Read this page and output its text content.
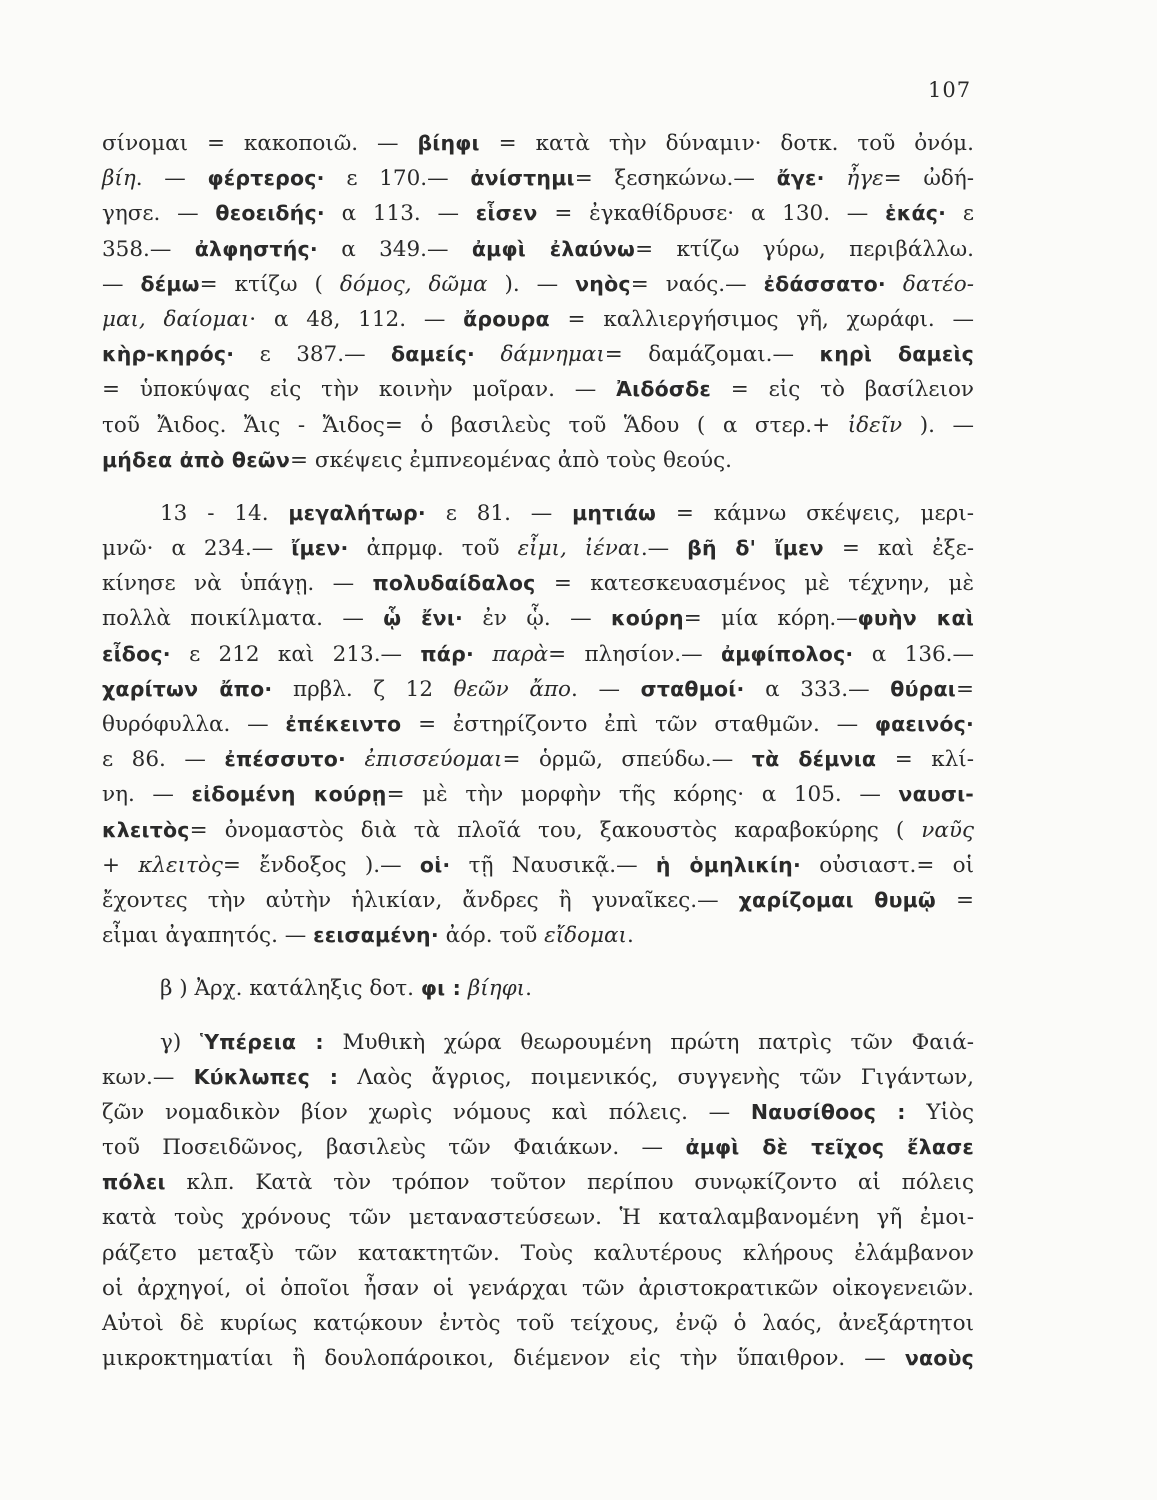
107
σίνομαι = κακοποιῶ. — βίηφι = κατὰ τὴν δύναμιν· δοτκ. τοῦ ὀνόμ.
βίη. — φέρτερος· ε 170.— ἀνίστημι= ξεσηκώνω.— ἄγε· ἦγε= ὠδή-
γησε. — θεοειδής· α 113. — εἷσεν = ἐγκαθίδρυσε· α 130. — ἑκάς· ε
358.— ἀλφηστής· α 349.— ἀμφὶ ἐλαύνω= κτίζω γύρω, περιβάλλω.
— δέμω= κτίζω ( δόμος, δῶμα ). — νηὸς= ναός.— ἐδάσσατο· δατέο-
μαι, δαίομαι· α 48, 112. — ἄρουρα = καλλιεργήσιμος γῆ, χωράφι. —
κὴρ-κηρός· ε 387.— δαμείς· δάμνημαι= δαμάζομαι.— κηρὶ δαμεὶς
= ὑποκύψας εἰς τὴν κοινὴν μοῖραν. — Ἀιδόσδε = εἰς τὸ βασίλειον
τοῦ Ἄιδος. Ἄις - Ἄιδος= ὁ βασιλεὺς τοῦ Ἅδου ( α στερ.+ ἰδεῖν ). —
μήδεα ἀπὸ θεῶν= σκέψεις ἐμπνεομένας ἀπὸ τοὺς θεούς.
13 - 14. μεγαλήτωρ· ε 81. — μητιάω = κάμνω σκέψεις, μερι-
μνῶ· α 234.— ἴμεν· ἀπρμφ. τοῦ εἶμι, ἰέναι.— βῆ δ' ἴμεν = καὶ ἐξε-
κίνησε νὰ ὑπάγῃ. — πολυδαίδαλος = κατεσκευασμένος μὲ τέχνην, μὲ
πολλὰ ποικίλματα. — ᾧ ἔνι· ἐν ᾧ. — κούρη= μία κόρη.—φυὴν καὶ
εἶδος· ε 212 καὶ 213.— πάρ· παρὰ= πλησίον.— ἀμφίπολος· α 136.—
χαρίτων ἄπο· πρβλ. ζ 12 θεῶν ἄπο. — σταθμοί· α 333.— θύραι=
θυρόφυλλα. — ἐπέκειντο = ἐστηρίζοντο ἐπὶ τῶν σταθμῶν. — φαεινός·
ε 86. — ἐπέσσυτο· ἐπισσεύομαι= ὁρμῶ, σπεύδω.— τὰ δέμνια = κλί-
νη. — εἰδομένη κούρῃ= μὲ τὴν μορφὴν τῆς κόρης· α 105. — ναυσι-
κλειτὸς= ὀνομαστὸς διὰ τὰ πλοῖά του, ξακουστὸς καραβοκύρης ( ναῦς
+ κλειτὸς= ἔνδοξος ).— οἱ· τῇ Ναυσικᾷ.— ἡ ὁμηλικίη· οὐσιαστ.= οἱ
ἔχοντες τὴν αὐτὴν ἡλικίαν, ἄνδρες ἢ γυναῖκες.— χαρίζομαι θυμῷ =
εἶμαι ἀγαπητός. — εεισαμένη· ἀόρ. τοῦ εἴδομαι.
β ) Ἀρχ. κατάληξις δοτ. φι : βίηφι.
γ) Ὑπέρεια : Μυθικὴ χώρα θεωρουμένη πρώτη πατρὶς τῶν Φαιά-
κων.— Κύκλωπες : Λαὸς ἄγριος, ποιμενικός, συγγενὴς τῶν Γιγάντων,
ζῶν νομαδικὸν βίον χωρὶς νόμους καὶ πόλεις. — Ναυσίθοος : Υἱὸς
τοῦ Ποσειδῶνος, βασιλεὺς τῶν Φαιάκων. — ἀμφὶ δὲ τεῖχος ἔλασε
πόλει κλπ. Κατὰ τὸν τρόπον τοῦτον περίπου συνῳκίζοντο αἱ πόλεις
κατὰ τοὺς χρόνους τῶν μεταναστεύσεων. Ἡ καταλαμβανομένη γῆ ἐμοι-
ράζετο μεταξὺ τῶν κατακτητῶν. Τοὺς καλυτέρους κλήρους ἐλάμβανον
οἱ ἀρχηγοί, οἱ ὁποῖοι ἦσαν οἱ γενάρχαι τῶν ἀριστοκρατικῶν οἰκογενειῶν.
Αὐτοὶ δὲ κυρίως κατῴκουν ἐντὸς τοῦ τείχους, ἐνῷ ὁ λαός, ἀνεξάρτητοι
μικροκτηματίαι ἢ δουλοπάροικοι, διέμενον εἰς τὴν ὕπαιθρον. — ναοὺς
